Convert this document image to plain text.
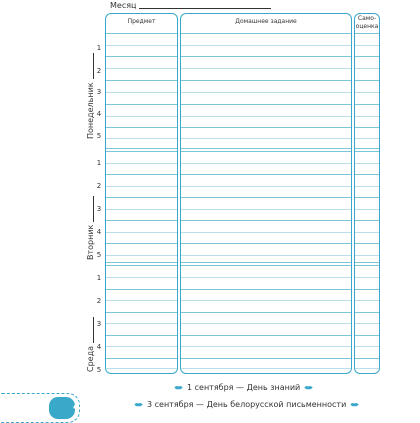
Месяц
Предмет	Домашнее задание	Само-
оценка
1
2
3
4
5
1
2
3
4
5
1
2
3
4
5
Понедельник
Вторник
Среда
4
1 сентября — День знаний
3 сентября — День белорусской письменности
